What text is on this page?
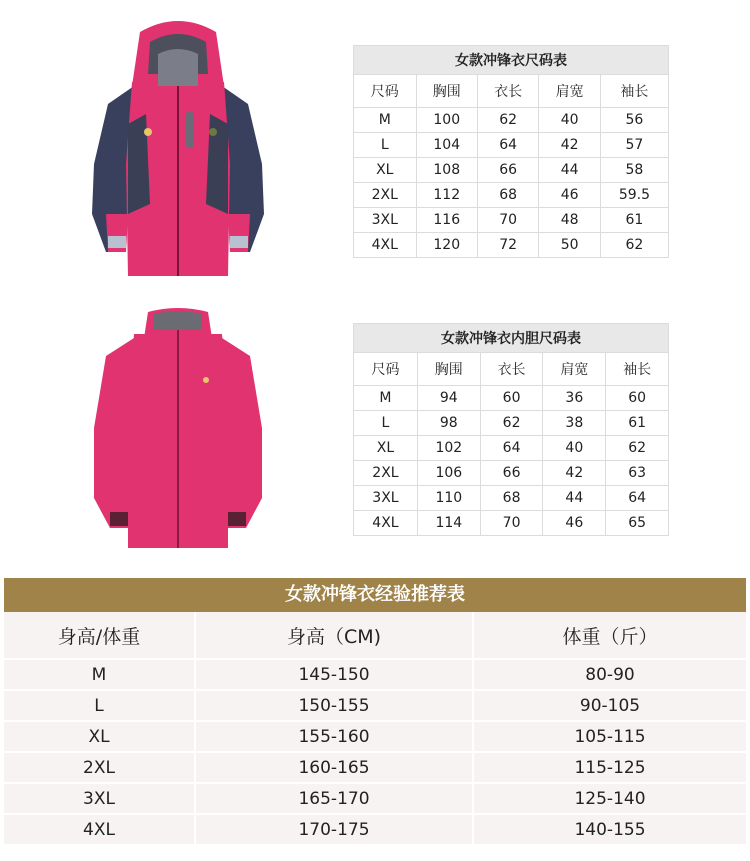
女款冲锋衣尺码表				
尺码	胸围	衣长	肩宽	袖长
M	100	62	40	56
L	104	64	42	57
XL	108	66	44	58
2XL	112	68	46	59.5
3XL	116	70	48	61
4XL	120	72	50	62
女款冲锋衣内胆尺码表				
尺码	胸围	衣长	肩宽	袖长
M	94	60	36	60
L	98	62	38	61
XL	102	64	40	62
2XL	106	66	42	63
3XL	110	68	44	64
4XL	114	70	46	65
女款冲锋衣经验推荐表
身高/体重	身高（CM)	体重（斤）
M	145-150	80-90
L	150-155	90-105
XL	155-160	105-115
2XL	160-165	115-125
3XL	165-170	125-140
4XL	170-175	140-155
